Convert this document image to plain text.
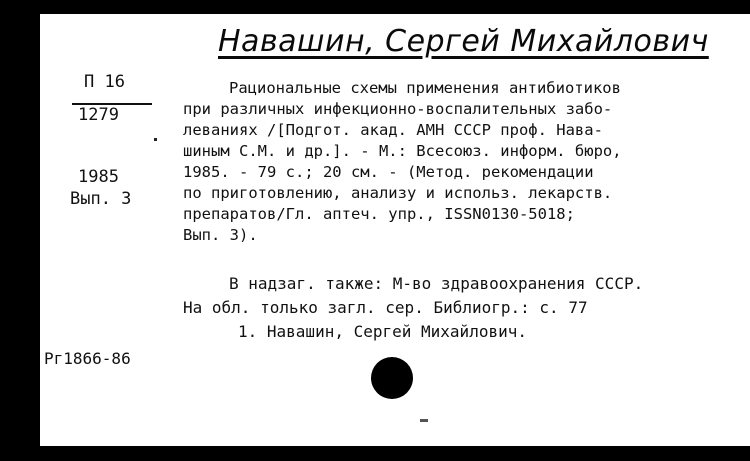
Навашин, Сергей Михайлович
П 16
1279
1985
Вып. 3
Рациональные схемы применения антибиотиков
при различных инфекционно-воспалительных забо-
леваниях /[Подгот. акад. АМН СССР проф. Нава-
шиным С.М. и др.]. - М.: Всесоюз. информ. бюро,
1985. - 79 с.; 20 см. - (Метод. рекомендации
по приготовлению, анализу и использ. лекарств.
препаратов/Гл. аптеч. упр., ISSN0130-5018;
Вып. 3).
В надзаг. также: М-во здравоохранения СССР.
На обл. только загл. сер. Библиогр.: с. 77
1. Навашин, Сергей Михайлович.
Рг1866-86
